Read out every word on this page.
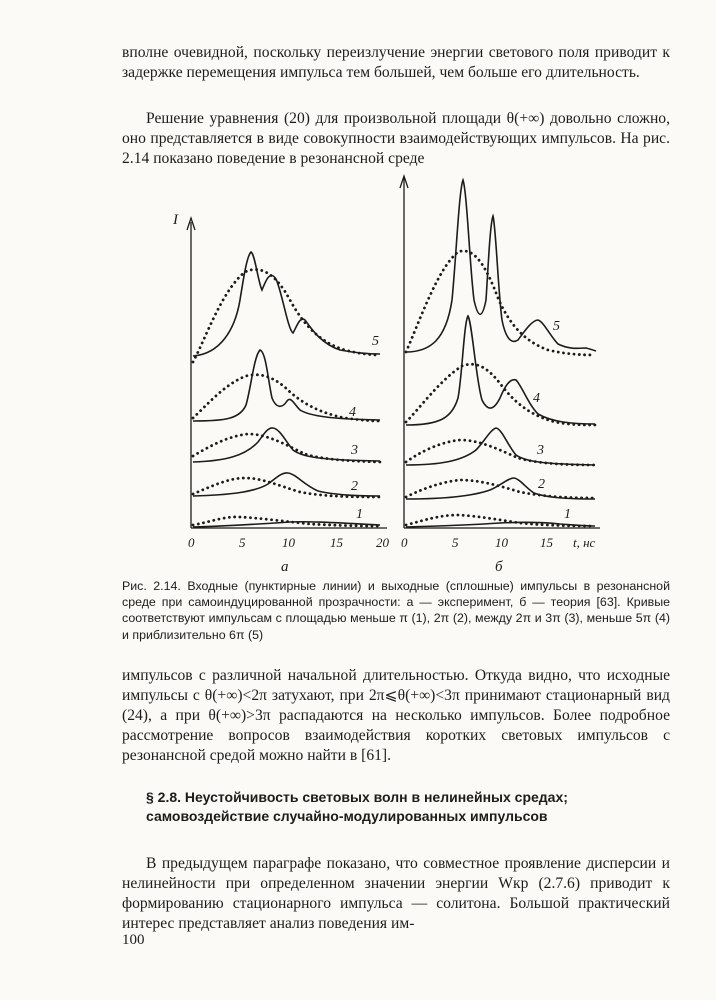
вполне очевидной, поскольку переизлучение энергии светового поля приводит к задержке перемещения импульса тем большей, чем больше его длительность.

Решение уравнения (20) для произвольной площади θ(+∞) довольно сложно, оно представляется в виде совокупности взаимодействующих импульсов. На рис. 2.14 показано поведение в резонансной среде

5
4
3
2
1
5
4
3
2
1
I
0	5	10	15	20 0	5	10 15 t, нс
а	б

Рис. 2.14. Входные (пунктирные линии) и выходные (сплошные) импульсы в резонансной среде при самоиндуцированной прозрачности: а — эксперимент, б — теория [63]. Кривые соответствуют импульсам с площадью меньше π (1), 2π (2), между 2π и 3π (3), меньше 5π (4) и приблизительно 6π (5)

импульсов с различной начальной длительностью. Откуда видно, что исходные импульсы с θ(+∞)<2π затухают, при 2π⩽θ(+∞)<3π принимают стационарный вид (24), а при θ(+∞)>3π распадаются на несколько импульсов. Более подробное рассмотрение вопросов взаимодействия коротких световых импульсов с резонансной средой можно найти в [61].

§ 2.8. Неустойчивость световых волн в нелинейных средах; самовоздействие случайно-модулированных импульсов

В предыдущем параграфе показано, что совместное проявление дисперсии и нелинейности при определенном значении энергии Wкр (2.7.6) приводит к формированию стационарного импульса — солитона. Большой практический интерес представляет анализ поведения им-

100
